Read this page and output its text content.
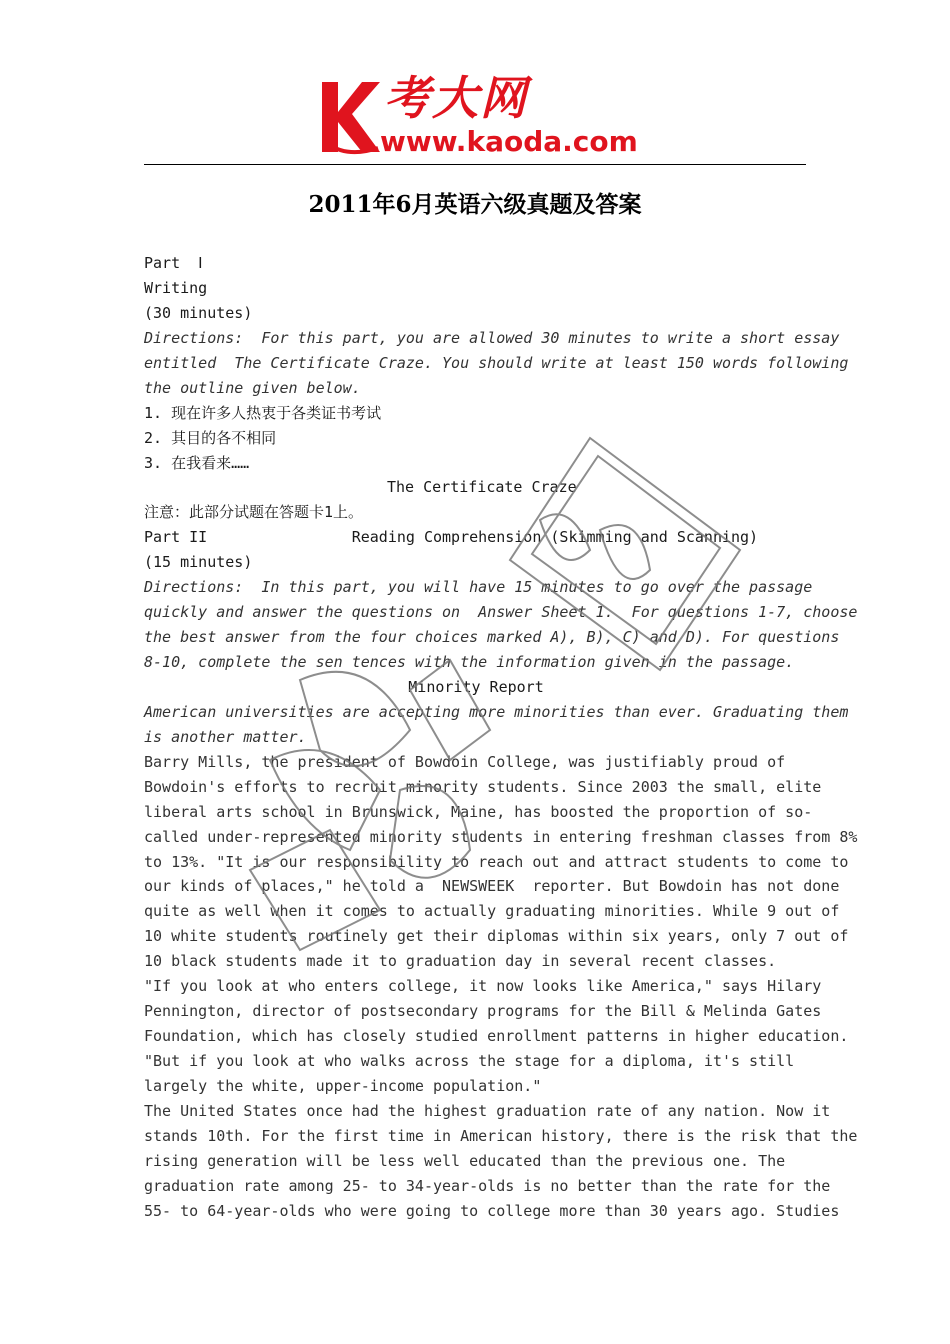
考大网
www.kaoda.com
2011年6月英语六级真题及答案
Part  Ⅰ
Writing
(30 minutes)
Directions:  For this part, you are allowed 30 minutes to write a short essay
entitled  The Certificate Craze. You should write at least 150 words following
the outline given below.
1. 现在许多人热衷于各类证书考试
2. 其目的各不相同
3. 在我看来……
The Certificate Craze
注意：此部分试题在答题卡1上。
Part II                Reading Comprehension (Skimming and Scanning)
(15 minutes)
Directions:  In this part, you will have 15 minutes to go over the passage
quickly and answer the questions on  Answer Sheet 1.  For questions 1-7, choose
the best answer from the four choices marked A), B), C) and D). For questions
8-10, complete the sen tences with the information given in the passage.
Minority Report
American universities are accepting more minorities than ever. Graduating them
is another matter.
Barry Mills, the president of Bowdoin College, was justifiably proud of
Bowdoin's efforts to recruit minority students. Since 2003 the small, elite
liberal arts school in Brunswick, Maine, has boosted the proportion of so-
called under-represented minority students in entering freshman classes from 8%
to 13%. "It is our responsibility to reach out and attract students to come to
our kinds of places," he told a  NEWSWEEK  reporter. But Bowdoin has not done
quite as well when it comes to actually graduating minorities. While 9 out of
10 white students routinely get their diplomas within six years, only 7 out of
10 black students made it to graduation day in several recent classes.
"If you look at who enters college, it now looks like America," says Hilary
Pennington, director of postsecondary programs for the Bill & Melinda Gates
Foundation, which has closely studied enrollment patterns in higher education.
"But if you look at who walks across the stage for a diploma, it's still
largely the white, upper-income population."
The United States once had the highest graduation rate of any nation. Now it
stands 10th. For the first time in American history, there is the risk that the
rising generation will be less well educated than the previous one. The
graduation rate among 25- to 34-year-olds is no better than the rate for the
55- to 64-year-olds who were going to college more than 30 years ago. Studies
